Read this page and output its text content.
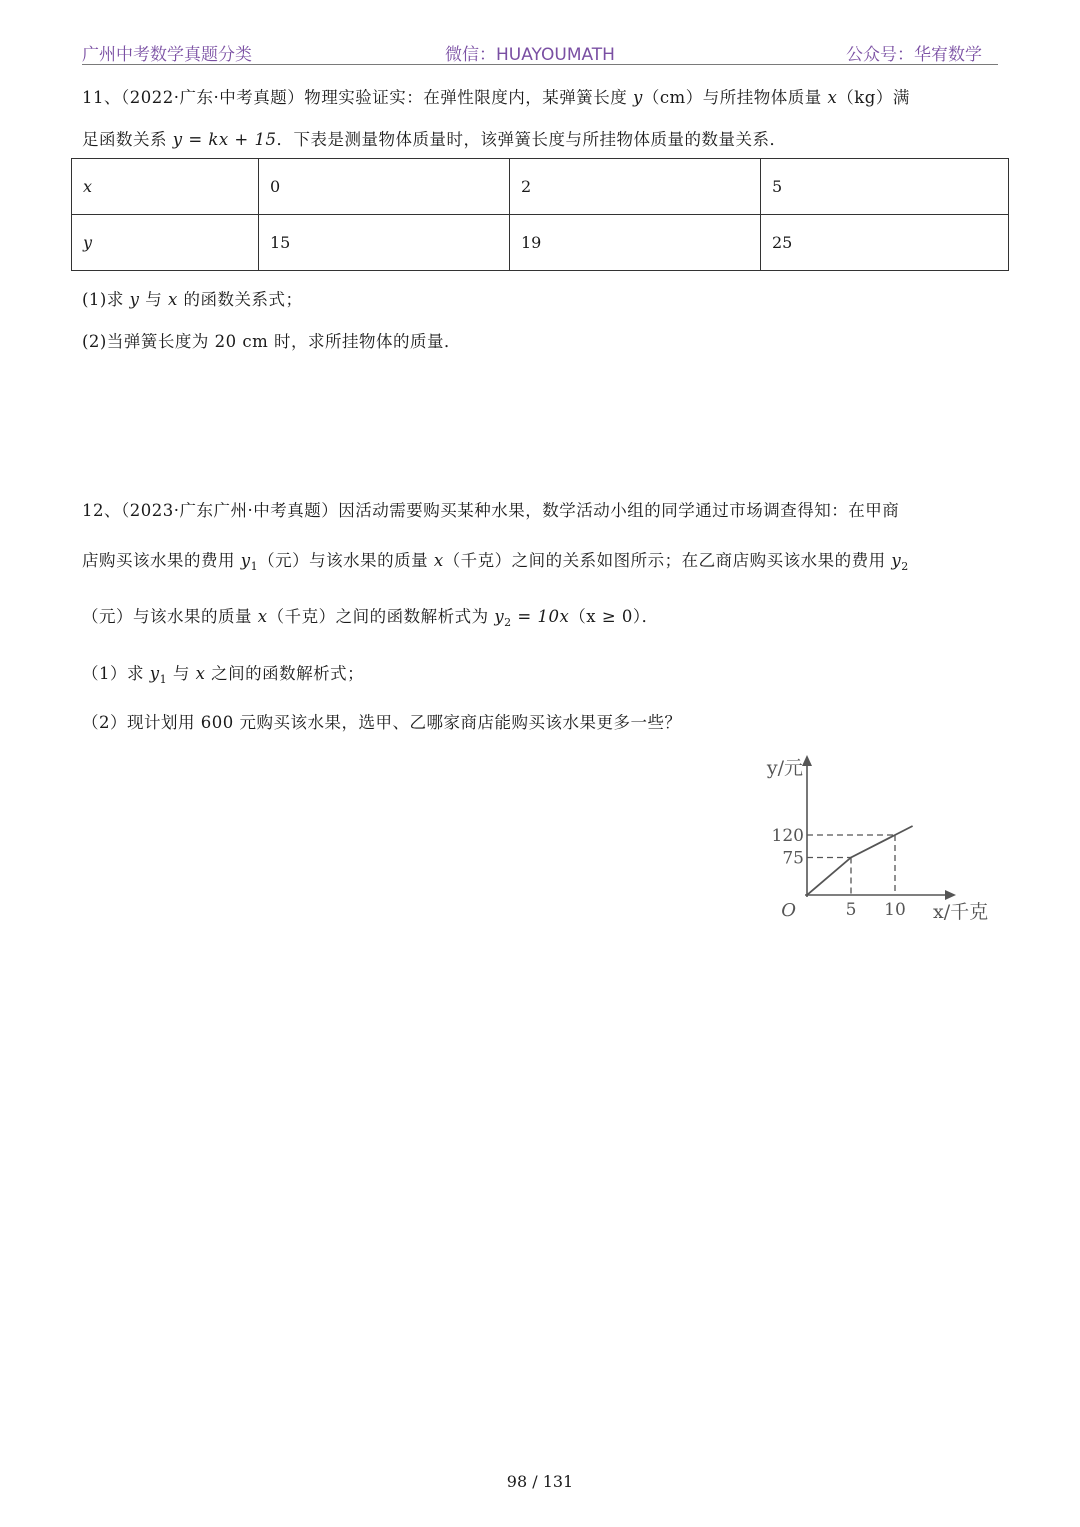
广州中考数学真题分类	微信：HUAYOUMATH	公众号：华宥数学
11、（2022·广东·中考真题）物理实验证实：在弹性限度内，某弹簧长度 y（cm）与所挂物体质量 x（kg）满
足函数关系 y = kx + 15．下表是测量物体质量时，该弹簧长度与所挂物体质量的数量关系．
x	0	2	5
y	15	19	25
(1)求 y 与 x 的函数关系式；
(2)当弹簧长度为 20 cm 时，求所挂物体的质量．
12、（2023·广东广州·中考真题）因活动需要购买某种水果，数学活动小组的同学通过市场调查得知：在甲商
店购买该水果的费用 $y_1$（元）与该水果的质量 x（千克）之间的关系如图所示；在乙商店购买该水果的费用 $y_2$
（元）与该水果的质量 x（千克）之间的函数解析式为 $y_2 = 10x(x \ge 0)$．
（1）求 $y_1$ 与 x 之间的函数解析式；
（2）现计划用 600 元购买该水果，选甲、乙哪家商店能购买该水果更多一些？
120
75
5 10
O
y/元
x/千克
98 / 131
